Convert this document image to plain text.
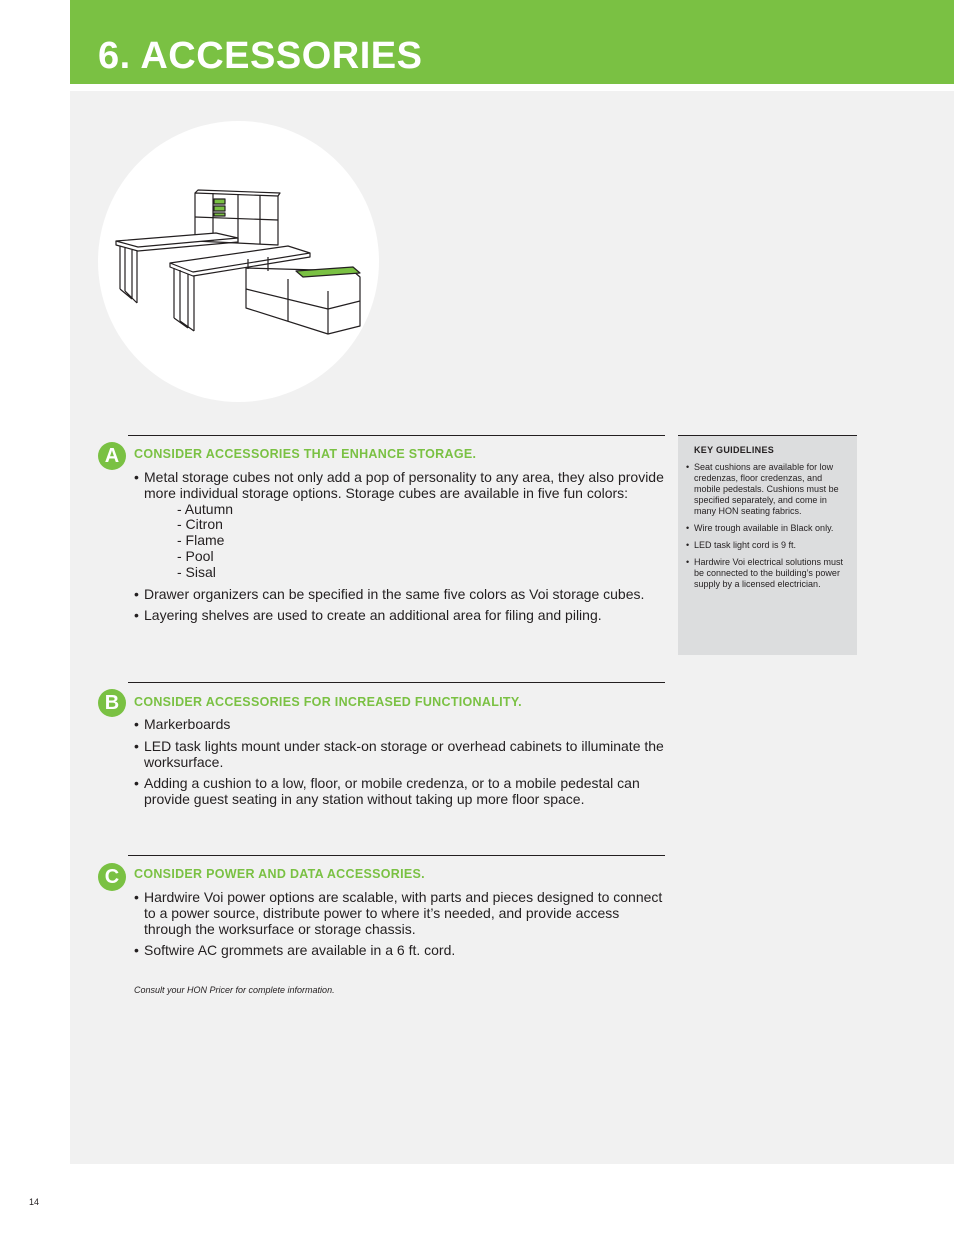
6. ACCESSORIES
A	CONSIDER ACCESSORIES THAT ENHANCE STORAGE.
• Metal storage cubes not only add a pop of personality to any area, they also provide more individual storage options. Storage cubes are available in five fun colors:
- Autumn
- Citron
- Flame
- Pool
- Sisal
• Drawer organizers can be specified in the same five colors as Voi storage cubes.
• Layering shelves are used to create an additional area for filing and piling.
B	CONSIDER ACCESSORIES FOR INCREASED FUNCTIONALITY.
• Markerboards
• LED task lights mount under stack-on storage or overhead cabinets to illuminate the worksurface.
• Adding a cushion to a low, floor, or mobile credenza, or to a mobile pedestal can provide guest seating in any station without taking up more floor space.
C	CONSIDER POWER AND DATA ACCESSORIES.
• Hardwire Voi power options are scalable, with parts and pieces designed to connect to a power source, distribute power to where it’s needed, and provide access through the worksurface or storage chassis.
• Softwire AC grommets are available in a 6 ft. cord.
Consult your HON Pricer for complete information.
KEY GUIDELINES
• Seat cushions are available for low credenzas, floor credenzas, and mobile pedestals. Cushions must be specified separately, and come in many HON seating fabrics.
• Wire trough available in Black only.
• LED task light cord is 9 ft.
• Hardwire Voi electrical solutions must be connected to the building’s power supply by a licensed electrician.
14
